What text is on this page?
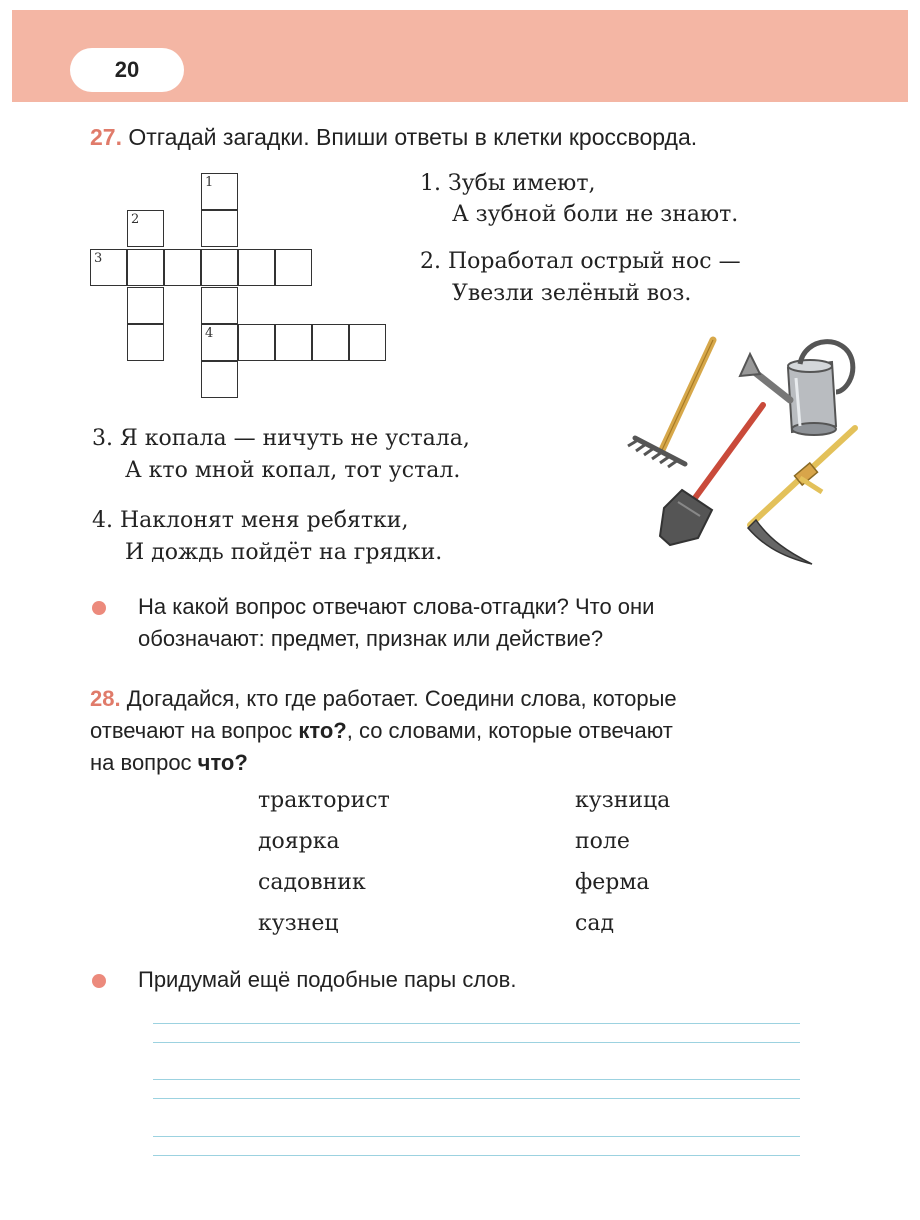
20
27. Отгадай загадки. Впиши ответы в клетки кроссворда.
1
2
3
4
1. Зубы имеют,
А зубной боли не знают.
2. Поработал острый нос —
Увезли зелёный воз.
3. Я копала — ничуть не устала,
А кто мной копал, тот устал.
4. Наклонят меня ребятки,
И дождь пойдёт на грядки.
На какой вопрос отвечают слова-отгадки? Что они
обозначают: предмет, признак или действие?
28. Догадайся, кто где работает. Соедини слова, которые
отвечают на вопрос кто?, со словами, которые отвечают
на вопрос что?
тракторист
доярка
садовник
кузнец
кузница
поле
ферма
сад
Придумай ещё подобные пары слов.
